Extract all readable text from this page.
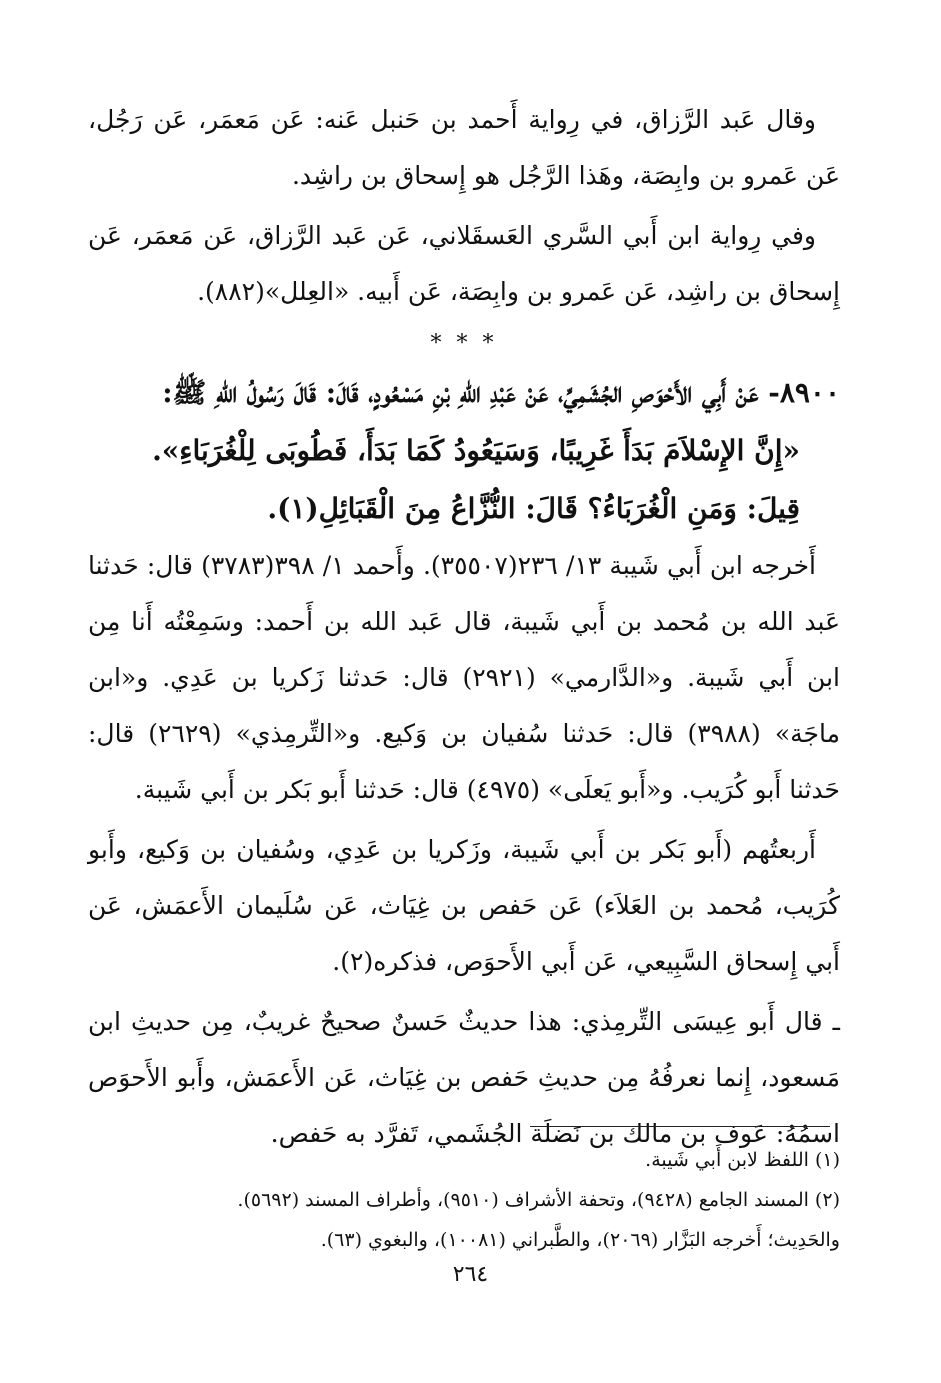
وقال عَبد الرَّزاق، في رِواية أَحمد بن حَنبل عَنه: عَن مَعمَر، عَن رَجُل، عَن عَمرو بن وابِصَة، وهَذا الرَّجُل هو إِسحاق بن راشِد.

وفي رِواية ابن أَبي السَّري العَسقَلاني، عَن عَبد الرَّزاق، عَن مَعمَر، عَن إِسحاق بن راشِد، عَن عَمرو بن وابِصَة، عَن أَبيه. «العِلل»(٨٨٢).

* * *

٨٩٠٠- عَنْ أَبِي الأَحْوَصِ الجُشَمِيِّ، عَنْ عَبْدِ اللهِ بْنِ مَسْعُودٍ، قَالَ: قَالَ رَسُولُ اللهِ ﷺ:

«إِنَّ الإِسْلاَمَ بَدَأَ غَرِيبًا، وَسَيَعُودُ كَمَا بَدَأَ، فَطُوبَى لِلْغُرَبَاءِ».

قِيلَ: وَمَنِ الْغُرَبَاءُ؟ قَالَ: النُّزَّاعُ مِنَ الْقَبَائِلِ(١).

أَخرجه ابن أَبي شَيبة ١٣/ ٢٣٦(٣٥٥٠٧). وأَحمد ١/ ٣٩٨(٣٧٨٣) قال: حَدثنا عَبد الله بن مُحمد بن أَبي شَيبة، قال عَبد الله بن أَحمد: وسَمِعْتُه أَنا مِن ابن أَبي شَيبة. و«الدَّارمي» (٢٩٢١) قال: حَدثنا زَكريا بن عَدِي. و«ابن ماجَة» (٣٩٨٨) قال: حَدثنا سُفيان بن وَكيع. و«التِّرمِذي» (٢٦٢٩) قال: حَدثنا أَبو كُرَيب. و«أَبو يَعلَى» (٤٩٧٥) قال: حَدثنا أَبو بَكر بن أَبي شَيبة.

أَربعتُهم (أَبو بَكر بن أَبي شَيبة، وزَكريا بن عَدِي، وسُفيان بن وَكيع، وأَبو كُرَيب، مُحمد بن العَلاَء) عَن حَفص بن غِيَاث، عَن سُلَيمان الأَعمَش، عَن أَبي إِسحاق السَّبِيعي، عَن أَبي الأَحوَص، فذكره(٢).

ـ قال أَبو عِيسَى التِّرمِذي: هذا حديثٌ حَسنٌ صحيحٌ غريبٌ، مِن حديثِ ابن مَسعود، إِنما نعرفُهُ مِن حديثِ حَفص بن غِيَاث، عَن الأَعمَش، وأَبو الأَحوَص اسمُهُ: عَوف بن مالك بن نَضلَة الجُشَمي، تَفرَّد به حَفص.

(١) اللفظ لابن أَبي شَيبة.

(٢) المسند الجامع (٩٤٢٨)، وتحفة الأشراف (٩٥١٠)، وأطراف المسند (٥٦٩٢).

والحَدِيث؛ أَخرجه البَزَّار (٢٠٦٩)، والطَّبراني (١٠٠٨١)، والبغوي (٦٣).

٢٦٤
